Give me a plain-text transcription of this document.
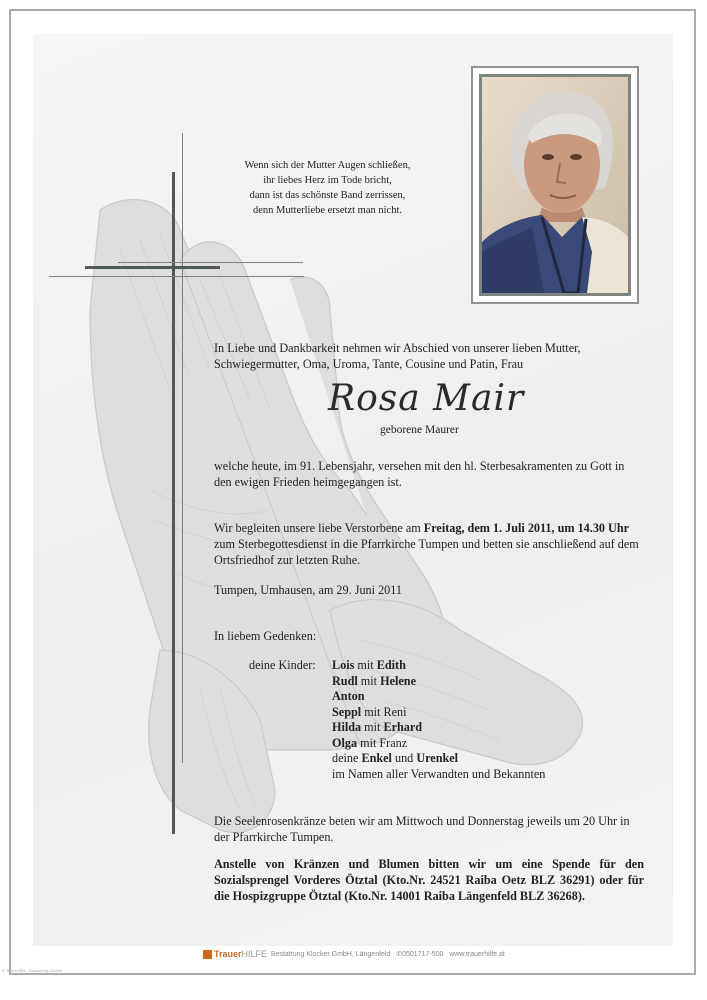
Wenn sich der Mutter Augen schließen,
ihr liebes Herz im Tode bricht,
dann ist das schönste Band zerrissen,
denn Mutterliebe ersetzt man nicht.
In Liebe und Dankbarkeit nehmen wir Abschied von unserer lieben Mutter, Schwiegermutter, Oma, Uroma, Tante, Cousine und Patin, Frau
Rosa Mair
geborene Maurer
welche heute, im 91. Lebensjahr, versehen mit den hl. Sterbesakramenten zu Gott in den ewigen Frieden heimgegangen ist.
Wir begleiten unsere liebe Verstorbene am Freitag, dem 1. Juli 2011, um 14.30 Uhr zum Sterbegottesdienst in die Pfarrkirche Tumpen und betten sie anschließend auf dem Ortsfriedhof zur letzten Ruhe.
Tumpen, Umhausen, am 29. Juni 2011
In liebem Gedenken:
deine Kinder: Lois mit Edith
Rudl mit Helene
Anton
Seppl mit Reni
Hilda mit Erhard
Olga mit Franz
deine Enkel und Urenkel
im Namen aller Verwandten und Bekannten
Die Seelenrosenkränze beten wir am Mittwoch und Donnerstag jeweils um 20 Uhr in der Pfarrkirche Tumpen.
Anstelle von Kränzen und Blumen bitten wir um eine Spende für den Sozialsprengel Vorderes Ötztal (Kto.Nr. 24521 Raiba Oetz BLZ 36291) oder für die Hospizgruppe Ötztal (Kto.Nr. 14001 Raiba Längenfeld BLZ 36268).
TrauerHILFE Bestattung Klocker GmbH, Längenfeld ✆0501717-500 www.trauerhilfe.at
© TrauerHilfe - Bestattung Klocker
